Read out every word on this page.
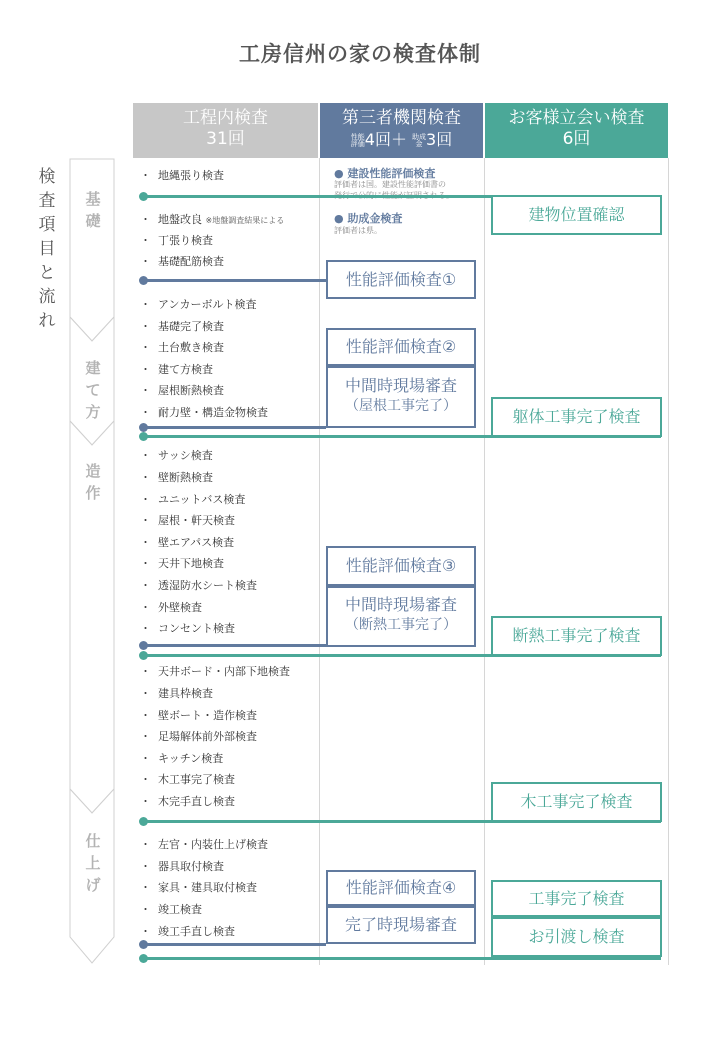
工房信州の家の検査体制
工程内検査
31回
第三者機関検査
性能評価4回＋ 助成金 3回
お客様立会い検査
6回
検
査
項
目
と
流
れ
基
礎
建
て
方
造
作
仕
上
げ
・ 地縄張り検査
・ 地盤改良 ※地盤調査結果による
・ 丁張り検査
・ 基礎配筋検査
・ アンカーボルト検査
・ 基礎完了検査
・ 土台敷き検査
・ 建て方検査
・ 屋根断熱検査
・ 耐力壁・構造金物検査
・ サッシ検査
・ 壁断熱検査
・ ユニットバス検査
・ 屋根・軒天検査
・ 壁エアパス検査
・ 天井下地検査
・ 透湿防水シート検査
・ 外壁検査
・ コンセント検査
・ 天井ボード・内部下地検査
・ 建具枠検査
・ 壁ボート・造作検査
・ 足場解体前外部検査
・ キッチン検査
・ 木工事完了検査
・ 木完手直し検査
・ 左官・内装仕上げ検査
・ 器具取付検査
・ 家具・建具取付検査
・ 竣工検査
・ 竣工手直し検査
● 建設性能評価検査
評価者は国。建設性能評価書の
● 助成金検査
評価者は県。
性能評価検査①
性能評価検査②
中間時現場審査
（屋根工事完了）
性能評価検査③
中間時現場審査
（断熱工事完了）
性能評価検査④
完了時現場審査
建物位置確認
躯体工事完了検査
断熱工事完了検査
木工事完了検査
工事完了検査
お引渡し検査
